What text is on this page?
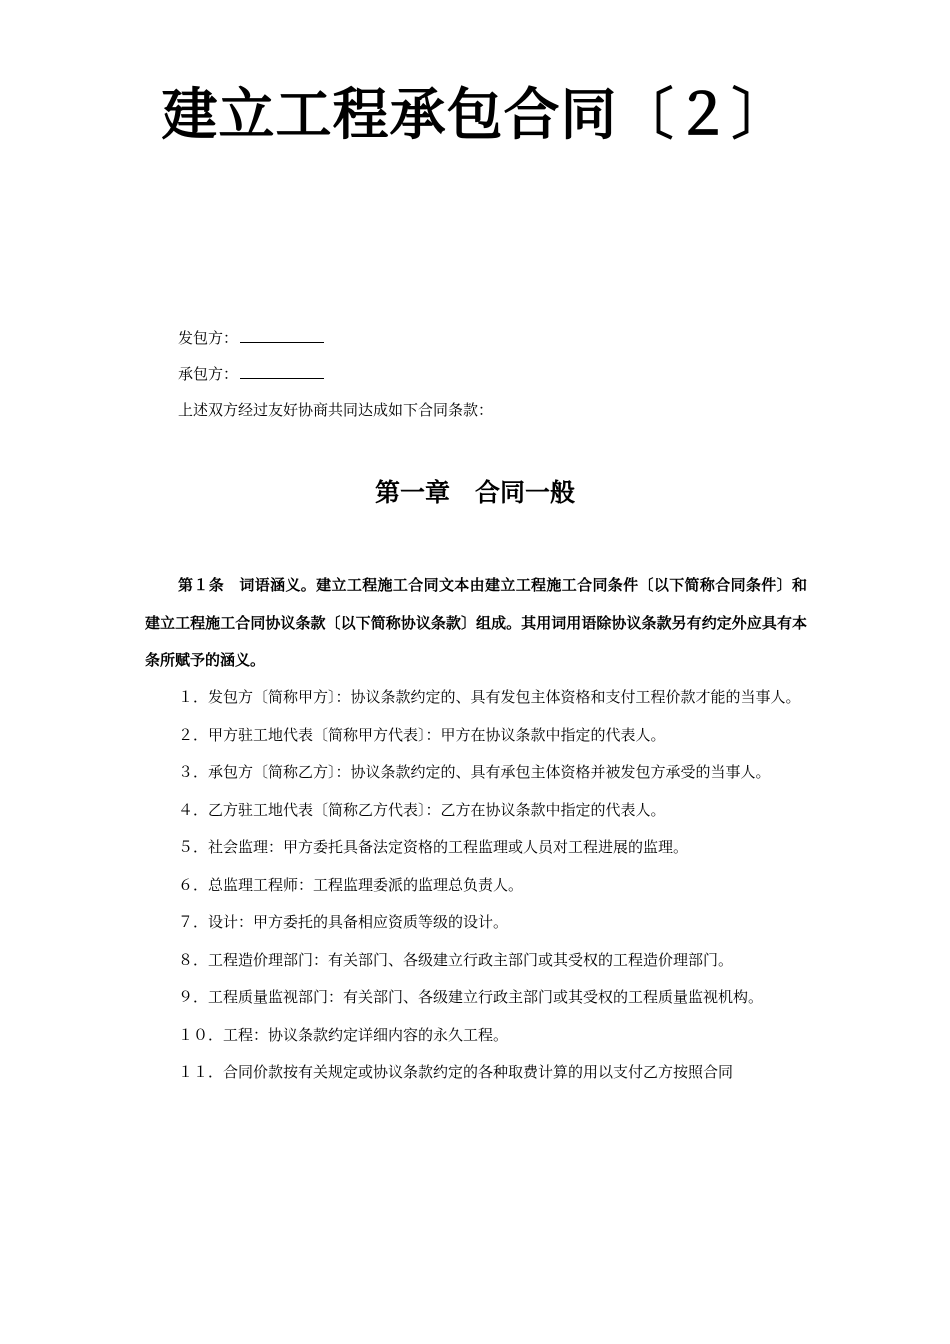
建立工程承包合同〔２〕
发包方：
承包方：
上述双方经过友好协商共同达成如下合同条款：
第一章　合同一般

第１条　词语涵义。建立工程施工合同文本由建立工程施工合同条件〔以下简称合同条件〕和建立工程施工合同协议条款〔以下简称协议条款〕组成。其用词用语除协议条款另有约定外应具有本条所赋予的涵义。

１．发包方〔简称甲方〕：协议条款约定的、具有发包主体资格和支付工程价款才能的当事人。

２．甲方驻工地代表〔简称甲方代表〕：甲方在协议条款中指定的代表人。

３．承包方〔简称乙方〕：协议条款约定的、具有承包主体资格并被发包方承受的当事人。

４．乙方驻工地代表〔简称乙方代表〕：乙方在协议条款中指定的代表人。

５．社会监理：甲方委托具备法定资格的工程监理或人员对工程进展的监理。

６．总监理工程师：工程监理委派的监理总负责人。

７．设计：甲方委托的具备相应资质等级的设计。

８．工程造价理部门：有关部门、各级建立行政主部门或其受权的工程造价理部门。

９．工程质量监视部门：有关部门、各级建立行政主部门或其受权的工程质量监视机构。

１０．工程：协议条款约定详细内容的永久工程。

１１．合同价款按有关规定或协议条款约定的各种取费计算的用以支付乙方按照合同
